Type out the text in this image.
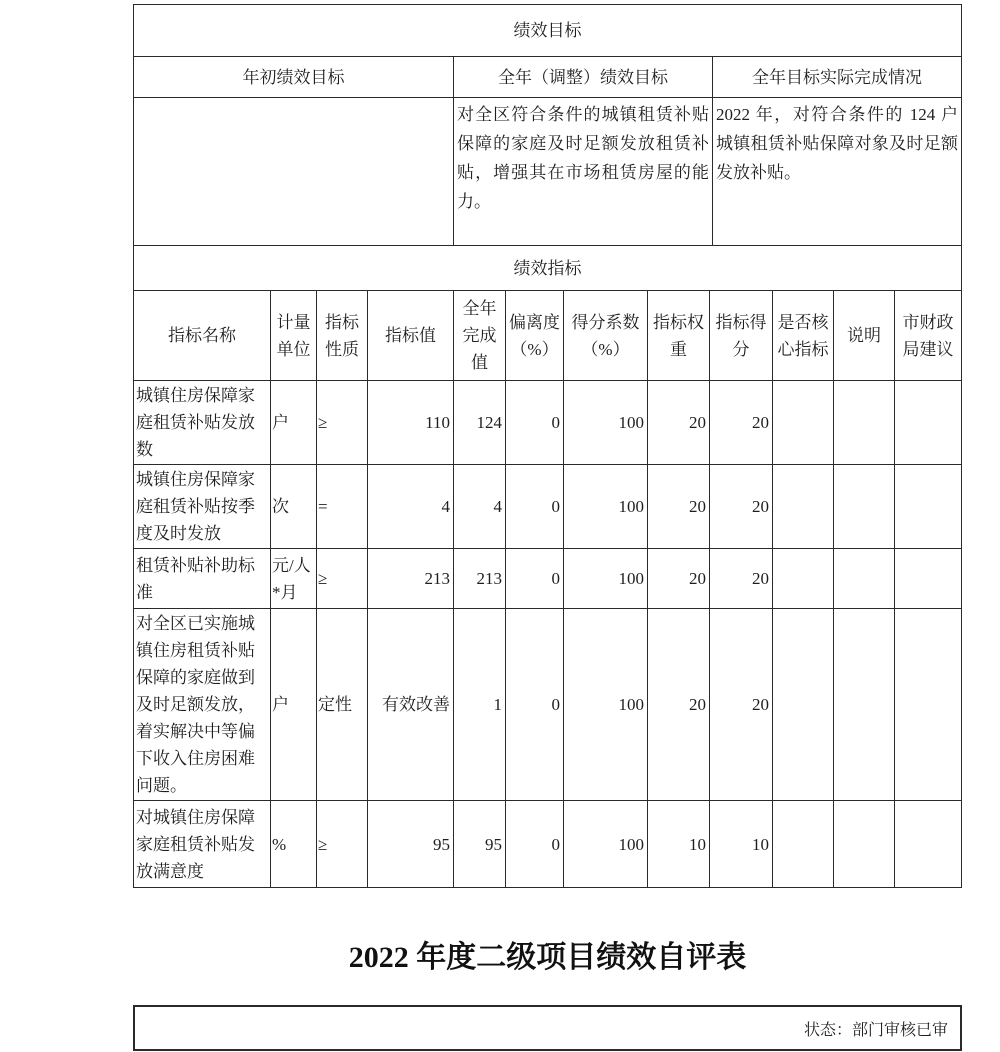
绩效目标		
年初绩效目标	全年（调整）绩效目标	全年目标实际完成情况
	对全区符合条件的城镇租赁补贴保障的家庭及时足额发放租赁补贴，增强其在市场租赁房屋的能力。	2022 年，对符合条件的 124 户城镇租赁补贴保障对象及时足额发放补贴。
绩效指标											
指标名称	计量单位	指标性质	指标值	全年完成值	偏离度（%）	得分系数（%）	指标权重	指标得分	是否核心指标	说明	市财政局建议
城镇住房保障家庭租赁补贴发放数	户	≥	110	124	0	100	20	20			
城镇住房保障家庭租赁补贴按季度及时发放	次	=	4	4	0	100	20	20			
租赁补贴补助标准	元/人*月	≥	213	213	0	100	20	20			
对全区已实施城镇住房租赁补贴保障的家庭做到及时足额发放，着实解决中等偏下收入住房困难问题。	户	定性	有效改善	1	0	100	20	20			
对城镇住房保障家庭租赁补贴发放满意度	%	≥	95	95	0	100	10	10			
2022 年度二级项目绩效自评表
状态：部门审核已审
